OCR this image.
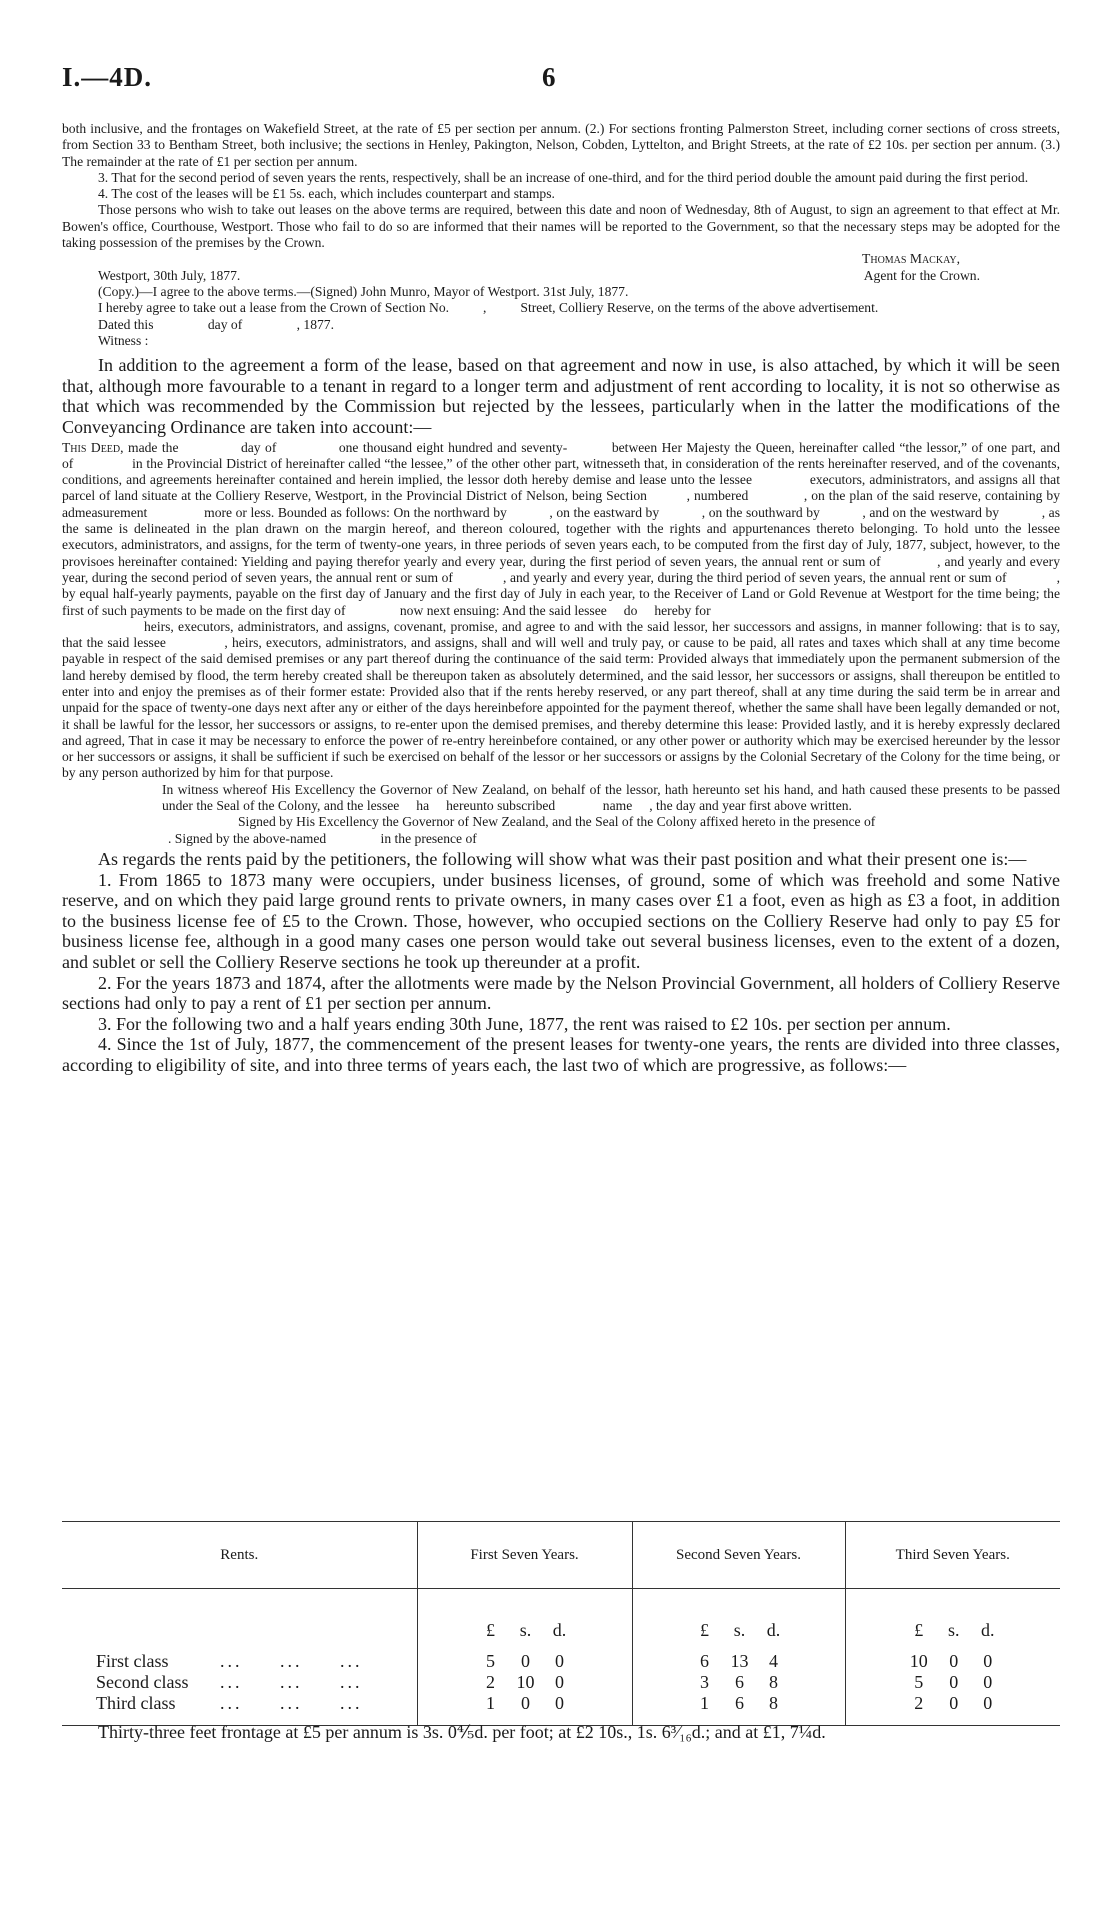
I.—4D.	6

both inclusive, and the frontages on Wakefield Street, at the rate of £5 per section per annum. (2.) For sections fronting Palmerston Street, including corner sections of cross streets, from Section 33 to Bentham Street, both inclusive; the sections in Henley, Pakington, Nelson, Cobden, Lyttelton, and Bright Streets, at the rate of £2 10s. per section per annum. (3.) The remainder at the rate of £1 per section per annum.

3. That for the second period of seven years the rents, respectively, shall be an increase of one-third, and for the third period double the amount paid during the first period.

4. The cost of the leases will be £1 5s. each, which includes counterpart and stamps.

Those persons who wish to take out leases on the above terms are required, between this date and noon of Wednesday, 8th of August, to sign an agreement to that effect at Mr. Bowen's office, Courthouse, Westport. Those who fail to do so are informed that their names will be reported to the Government, so that the necessary steps may be adopted for the taking possession of the premises by the Crown.

Thomas Mackay,

Westport, 30th July, 1877.	Agent for the Crown.

(Copy.)—I agree to the above terms.—(Signed) John Munro, Mayor of Westport. 31st July, 1877.

I hereby agree to take out a lease from the Crown of Section No.          ,          Street, Colliery Reserve, on the terms of the above advertisement.

Dated this                day of                , 1877.

Witness :

In addition to the agreement a form of the lease, based on that agreement and now in use, is also attached, by which it will be seen that, although more favourable to a tenant in regard to a longer term and adjustment of rent according to locality, it is not so otherwise as that which was recommended by the Commission but rejected by the lessees, particularly when in the latter the modifications of the Conveyancing Ordinance are taken into account:—

This Deed, made the              day of              one thousand eight hundred and seventy-          between Her Majesty the Queen, hereinafter called “the lessor,” of one part, and                of                in the Provincial District of hereinafter called “the lessee,” of the other other part, witnesseth that, in consideration of the rents hereinafter reserved, and of the covenants, conditions, and agreements hereinafter contained and herein implied, the lessor doth hereby demise and lease unto the lessee              executors, administrators, and assigns all that parcel of land situate at the Colliery Reserve, Westport, in the Provincial District of Nelson, being Section          , numbered              , on the plan of the said reserve, containing by admeasurement                more or less. Bounded as follows: On the northward by            , on the eastward by            , on the southward by            , and on the westward by            , as the same is delineated in the plan drawn on the margin hereof, and thereon coloured, together with the rights and appurtenances thereto belonging. To hold unto the lessee            executors, administrators, and assigns, for the term of twenty-one years, in three periods of seven years each, to be computed from the first day of July, 1877, subject, however, to the provisoes hereinafter contained: Yielding and paying therefor yearly and every year, during the first period of seven years, the annual rent or sum of              , and yearly and every year, during the second period of seven years, the annual rent or sum of              , and yearly and every year, during the third period of seven years, the annual rent or sum of              , by equal half-yearly payments, payable on the first day of January and the first day of July in each year, to the Receiver of Land or Gold Revenue at Westport for the time being; the first of such payments to be made on the first day of                now next ensuing: And the said lessee     do     hereby for

heirs, executors, administrators, and assigns, covenant, promise, and agree to and with the said lessor, her successors and assigns, in manner following: that is to say, that the said lessee              , heirs, executors, administrators, and assigns, shall and will well and truly pay, or cause to be paid, all rates and taxes which shall at any time become payable in respect of the said demised premises or any part thereof during the continuance of the said term: Provided always that immediately upon the permanent submersion of the land hereby demised by flood, the term hereby created shall be thereupon taken as absolutely determined, and the said lessor, her successors or assigns, shall thereupon be entitled to enter into and enjoy the premises as of their former estate: Provided also that if the rents hereby reserved, or any part thereof, shall at any time during the said term be in arrear and unpaid for the space of twenty-one days next after any or either of the days hereinbefore appointed for the payment thereof, whether the same shall have been legally demanded or not, it shall be lawful for the lessor, her successors or assigns, to re-enter upon the demised premises, and thereby determine this lease: Provided lastly, and it is hereby expressly declared and agreed, That in case it may be necessary to enforce the power of re-entry hereinbefore contained, or any other power or authority which may be exercised hereunder by the lessor or her successors or assigns, it shall be sufficient if such be exercised on behalf of the lessor or her successors or assigns by the Colonial Secretary of the Colony for the time being, or by any person authorized by him for that purpose.

In witness whereof His Excellency the Governor of New Zealand, on behalf of the lessor, hath hereunto set his hand, and hath caused these presents to be passed under the Seal of the Colony, and the lessee     ha     hereunto subscribed              name     , the day and year first above written.

Signed by His Excellency the Governor of New Zealand, and the Seal of the Colony affixed hereto in the presence of

. Signed by the above-named                in the presence of

As regards the rents paid by the petitioners, the following will show what was their past position and what their present one is:—

1. From 1865 to 1873 many were occupiers, under business licenses, of ground, some of which was freehold and some Native reserve, and on which they paid large ground rents to private owners, in many cases over £1 a foot, even as high as £3 a foot, in addition to the business license fee of £5 to the Crown. Those, however, who occupied sections on the Colliery Reserve had only to pay £5 for business license fee, although in a good many cases one person would take out several business licenses, even to the extent of a dozen, and sublet or sell the Colliery Reserve sections he took up thereunder at a profit.

2. For the years 1873 and 1874, after the allotments were made by the Nelson Provincial Government, all holders of Colliery Reserve sections had only to pay a rent of £1 per section per annum.

3. For the following two and a half years ending 30th June, 1877, the rent was raised to £2 10s. per section per annum.

4. Since the 1st of July, 1877, the commencement of the present leases for twenty-one years, the rents are divided into three classes, according to eligibility of site, and into three terms of years each, the last two of which are progressive, as follows:—

Rents.	First Seven Years.	Second Seven Years.	Third Seven Years.

	£ s. d.	£ s. d.	£ s. d.

First class ...     ...     ...	5 0 0	6 13 4	10 0 0

Second class ...     ...     ...	2 10 0	3 6 8	5 0 0

Third class ...     ...     ...	1 0 0	1 6 8	2 0 0

Thirty-three feet frontage at £5 per annum is 3s. 0⅘d. per foot; at £2 10s., 1s. 6³⁄₁₆d.; and at £1, 7¼d.
